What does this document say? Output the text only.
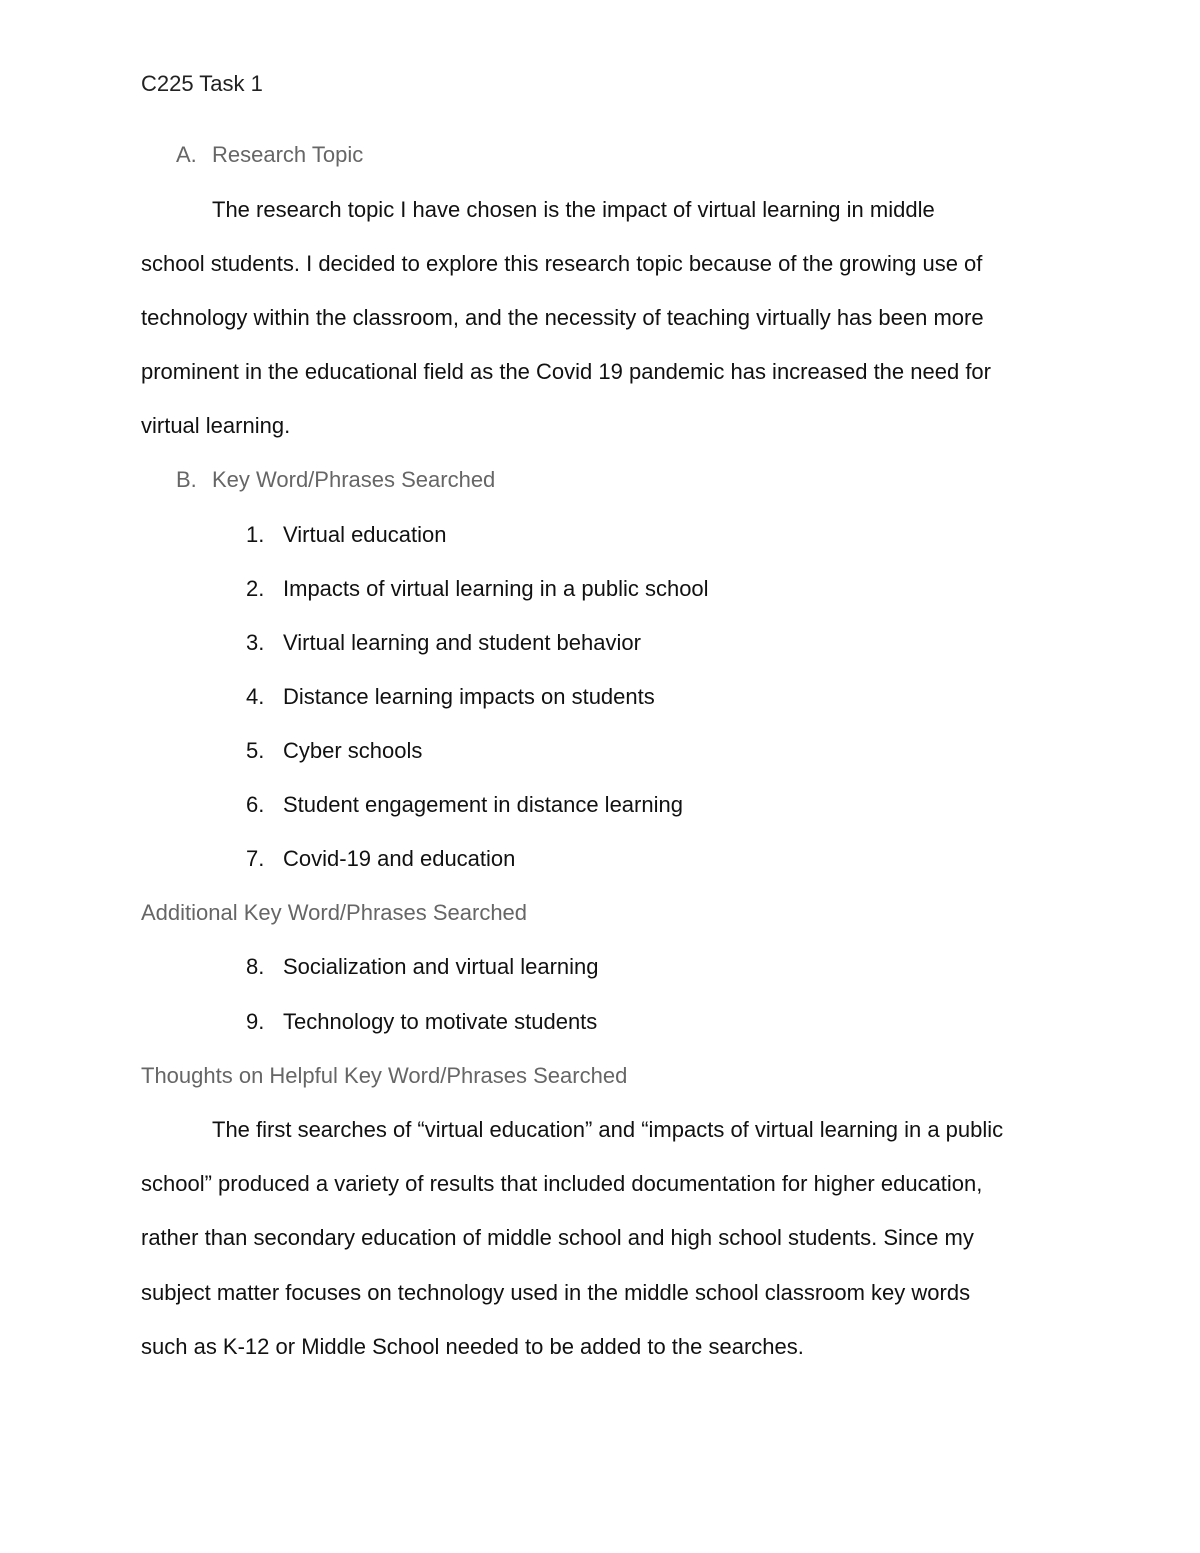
C225 Task 1
A. Research Topic
The research topic I have chosen is the impact of virtual learning in middle
school students. I decided to explore this research topic because of the growing use of
technology within the classroom, and the necessity of teaching virtually has been more
prominent in the educational field as the Covid 19 pandemic has increased the need for
virtual learning.
B. Key Word/Phrases Searched
1. Virtual education
2. Impacts of virtual learning in a public school
3. Virtual learning and student behavior
4. Distance learning impacts on students
5. Cyber schools
6. Student engagement in distance learning
7. Covid-19 and education
Additional Key Word/Phrases Searched
8. Socialization and virtual learning
9. Technology to motivate students
Thoughts on Helpful Key Word/Phrases Searched
The first searches of “virtual education” and “impacts of virtual learning in a public
school” produced a variety of results that included documentation for higher education,
rather than secondary education of middle school and high school students. Since my
subject matter focuses on technology used in the middle school classroom key words
such as K-12 or Middle School needed to be added to the searches.
